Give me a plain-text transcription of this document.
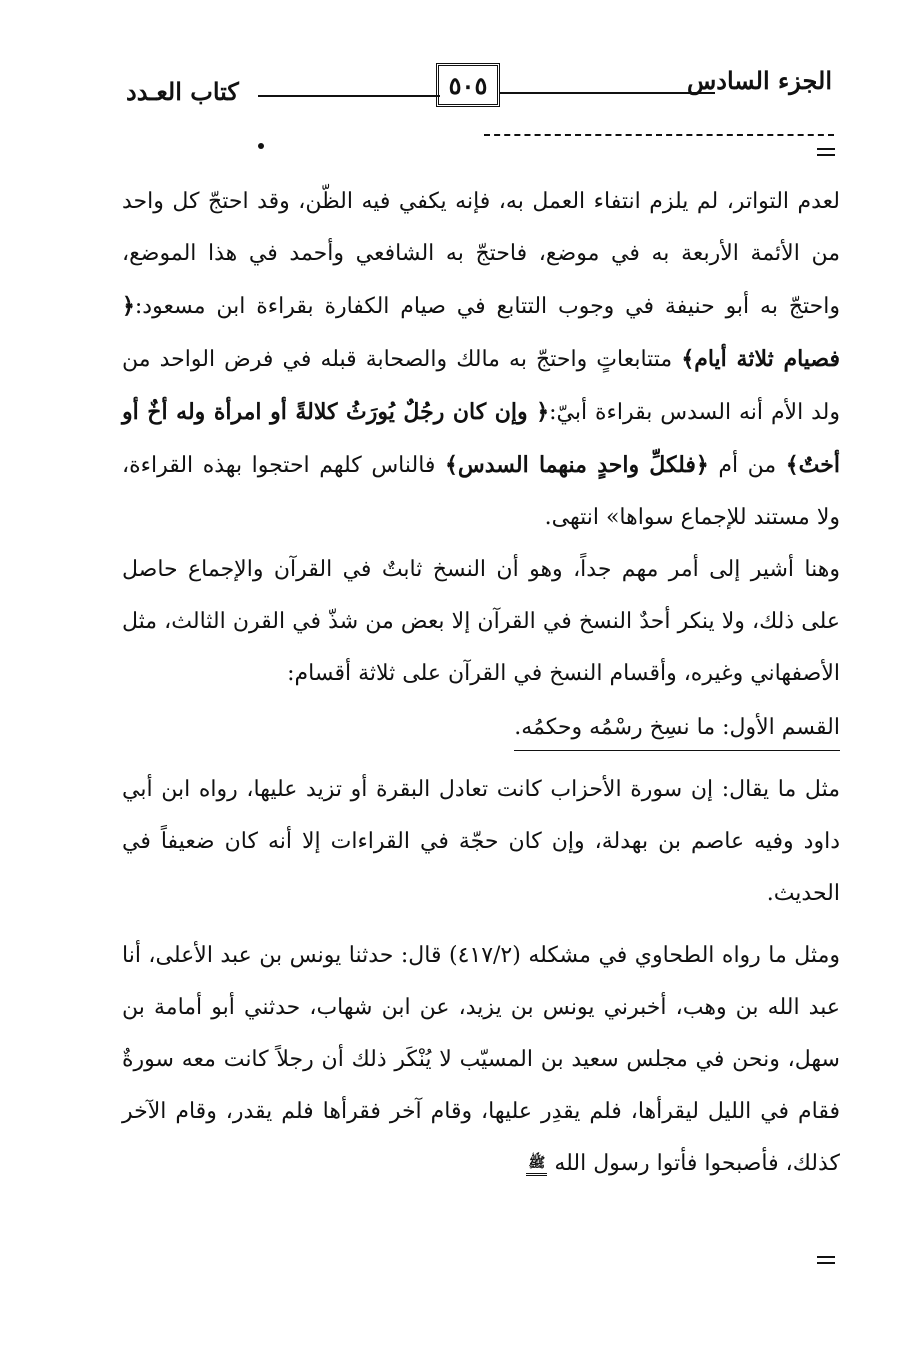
الجزء السادس
٥٠٥
كتاب العـدد

لعدم التواتر، لم يلزم انتفاء العمل به، فإنه يكفي فيه الظّن، وقد احتجّ كل واحد من الأئمة الأربعة به في موضع، فاحتجّ به الشافعي وأحمد في هذا الموضع، واحتجّ به أبو حنيفة في وجوب التتابع في صيام الكفارة بقراءة ابن مسعود:﴿ فصيام ثلاثة أيام﴾ متتابعاتٍ واحتجّ به مالك والصحابة قبله في فرض الواحد من ولد الأم أنه السدس بقراءة أبيّ:﴿ وإن كان رجُلٌ يُورَثُ كلالةً أو امرأة وله أخٌ أو أختٌ﴾ من أم ﴿فلكلِّ واحدٍ منهما السدس﴾ فالناس كلهم احتجوا بهذه القراءة، ولا مستند للإجماع سواها» انتهى.

وهنا أشير إلى أمر مهم جداً، وهو أن النسخ ثابتٌ في القرآن والإجماع حاصل على ذلك، ولا ينكر أحدٌ النسخ في القرآن إلا بعض من شذّ في القرن الثالث، مثل الأصفهاني وغيره، وأقسام النسخ في القرآن على ثلاثة أقسام:

القسم الأول: ما نسِخ رسْمُه وحكمُه.

مثل ما يقال: إن سورة الأحزاب كانت تعادل البقرة أو تزيد عليها، رواه ابن أبي داود وفيه عاصم بن بهدلة، وإن كان حجّة في القراءات إلا أنه كان ضعيفاً في الحديث.

ومثل ما رواه الطحاوي في مشكله (٤١٧/٢) قال: حدثنا يونس بن عبد الأعلى، أنا عبد الله بن وهب، أخبرني يونس بن يزيد، عن ابن شهاب، حدثني أبو أمامة بن سهل، ونحن في مجلس سعيد بن المسيّب لا يُنْكَر ذلك أن رجلاً كانت معه سورةٌ فقام في الليل ليقرأها، فلم يقدِر عليها، وقام آخر فقرأها فلم يقدر، وقام الآخر كذلك، فأصبحوا فأتوا رسول الله ﷺ
